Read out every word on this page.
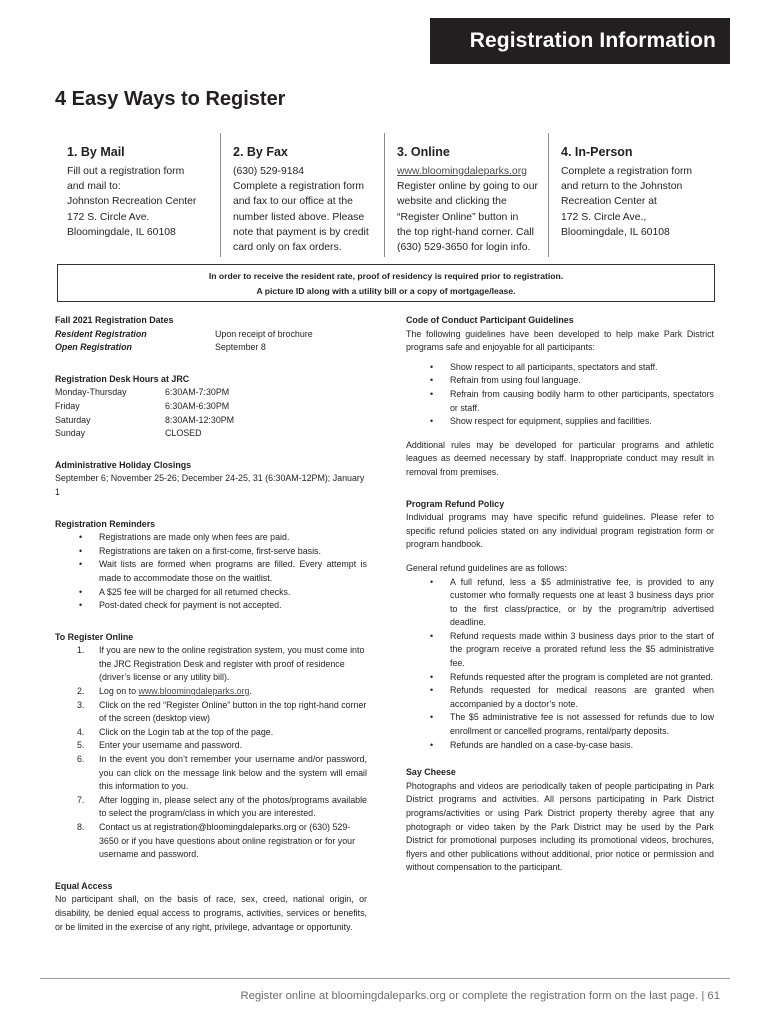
Registration Information
4 Easy Ways to Register
1. By Mail
Fill out a registration form
and mail to:
Johnston Recreation Center
172 S. Circle Ave.
Bloomingdale, IL 60108
2. By Fax
(630) 529-9184
Complete a registration form
and fax to our office at the
number listed above. Please
note that payment is by credit
card only on fax orders.
3. Online
www.bloomingdaleparks.org
Register online by going to our
website and clicking the
“Register Online” button in
the top right-hand corner. Call
(630) 529-3650 for login info.
4. In-Person
Complete a registration form
and return to the Johnston
Recreation Center at
172 S. Circle Ave.,
Bloomingdale, IL 60108
In order to receive the resident rate, proof of residency is required prior to registration.
A picture ID along with a utility bill or a copy of mortgage/lease.
Fall 2021 Registration Dates
Resident Registration	Upon receipt of brochure
Open Registration	September 8
Registration Desk Hours at JRC
Monday-Thursday	6:30AM-7:30PM
Friday	6:30AM-6:30PM
Saturday	8:30AM-12:30PM
Sunday	CLOSED
Administrative Holiday Closings

September 6; November 25-26; December 24-25, 31 (6:30AM-12PM); January 1

Registration Reminders
• Registrations are made only when fees are paid.
• Registrations are taken on a first-come, first-serve basis.
• Wait lists are formed when programs are filled. Every attempt is made to accommodate those on the waitlist.
• A $25 fee will be charged for all returned checks.
• Post-dated check for payment is not accepted.
To Register Online
1. If you are new to the online registration system, you must come into the JRC Registration Desk and register with proof of residence (driver’s license or any utility bill).
2. Log on to www.bloomingdaleparks.org.
3. Click on the red “Register Online” button in the top right-hand corner of the screen (desktop view)
4. Click on the Login tab at the top of the page.
5. Enter your username and password.
6. In the event you don’t remember your username and/or password, you can click on the message link below and the system will email this information to you.
7. After logging in, please select any of the photos/programs available to select the program/class in which you are interested.
8. Contact us at registration@bloomingdaleparks.org or (630) 529-3650 or if you have questions about online registration or for your username and password.
Equal Access

No participant shall, on the basis of race, sex, creed, national origin, or disability, be denied equal access to programs, activities, services or benefits, or be limited in the exercise of any right, privilege, advantage or opportunity.

Code of Conduct Participant Guidelines

The following guidelines have been developed to help make Park District programs safe and enjoyable for all participants:

• Show respect to all participants, spectators and staff.
• Refrain from using foul language.
• Refrain from causing bodily harm to other participants, spectators or staff.
• Show respect for equipment, supplies and facilities.

Additional rules may be developed for particular programs and athletic leagues as deemed necessary by staff. Inappropriate conduct may result in removal from premises.

Program Refund Policy

Individual programs may have specific refund guidelines. Please refer to specific refund policies stated on any individual program registration form or program handbook.

General refund guidelines are as follows:

• A full refund, less a $5 administrative fee, is provided to any customer who formally requests one at least 3 business days prior to the first class/practice, or by the program/trip advertised deadline.
• Refund requests made within 3 business days prior to the start of the program receive a prorated refund less the $5 administrative fee.
• Refunds requested after the program is completed are not granted.
• Refunds requested for medical reasons are granted when accompanied by a doctor’s note.
• The $5 administrative fee is not assessed for refunds due to low enrollment or cancelled programs, rental/party deposits.
• Refunds are handled on a case-by-case basis.
Say Cheese

Photographs and videos are periodically taken of people participating in Park District programs and activities. All persons participating in Park District programs/activities or using Park District property thereby agree that any photograph or video taken by the Park District may be used by the Park District for promotional purposes including its promotional videos, brochures, flyers and other publications without additional, prior notice or permission and without compensation to the participant.

Register online at bloomingdaleparks.org or complete the registration form on the last page. | 61
